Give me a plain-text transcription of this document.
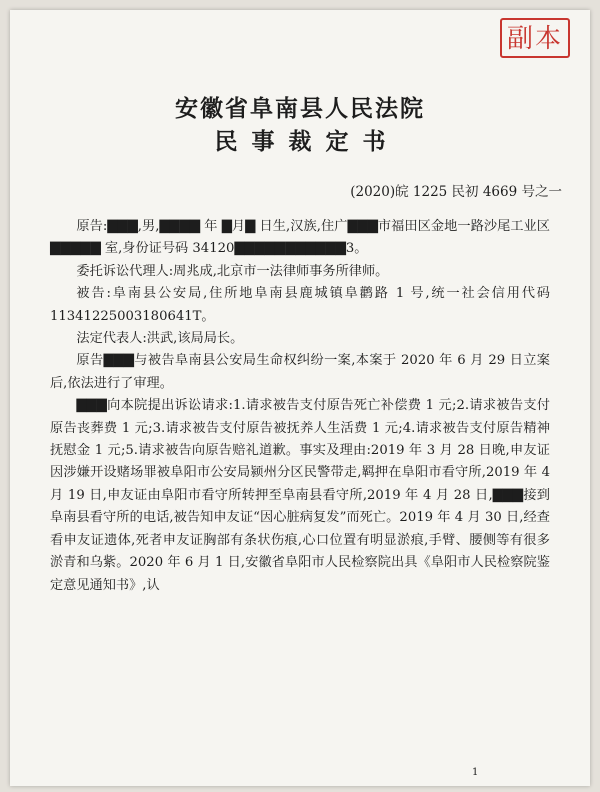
副本
安徽省阜南县人民法院
民事裁定书
(2020)皖 1225 民初 4669 号之一

原告:▇▇▇,男,▇▇▇▇ 年 ▇月▇ 日生,汉族,住广▇▇▇市福田区金地一路沙尾工业区 ▇▇▇▇▇ 室,身份证号码 34120▇▇▇▇▇▇▇▇▇▇▇3。

委托诉讼代理人:周兆成,北京市一法律师事务所律师。

被告:阜南县公安局,住所地阜南县鹿城镇阜鹳路 1 号,统一社会信用代码 11341225003180641T。

法定代表人:洪武,该局局长。

原告▇▇▇与被告阜南县公安局生命权纠纷一案,本案于 2020 年 6 月 29 日立案后,依法进行了审理。

▇▇▇向本院提出诉讼请求:1.请求被告支付原告死亡补偿费 1 元;2.请求被告支付原告丧葬费 1 元;3.请求被告支付原告被抚养人生活费 1 元;4.请求被告支付原告精神抚慰金 1 元;5.请求被告向原告赔礼道歉。事实及理由:2019 年 3 月 28 日晚,申友证因涉嫌开设赌场罪被阜阳市公安局颍州分区民警带走,羁押在阜阳市看守所,2019 年 4 月 19 日,申友证由阜阳市看守所转押至阜南县看守所,2019 年 4 月 28 日,▇▇▇接到阜南县看守所的电话,被告知申友证“因心脏病复发”而死亡。2019 年 4 月 30 日,经查看申友证遗体,死者申友证胸部有条状伤痕,心口位置有明显淤痕,手臂、腰侧等有很多淤青和乌紫。2020 年 6 月 1 日,安徽省阜阳市人民检察院出具《阜阳市人民检察院鉴定意见通知书》,认

1
